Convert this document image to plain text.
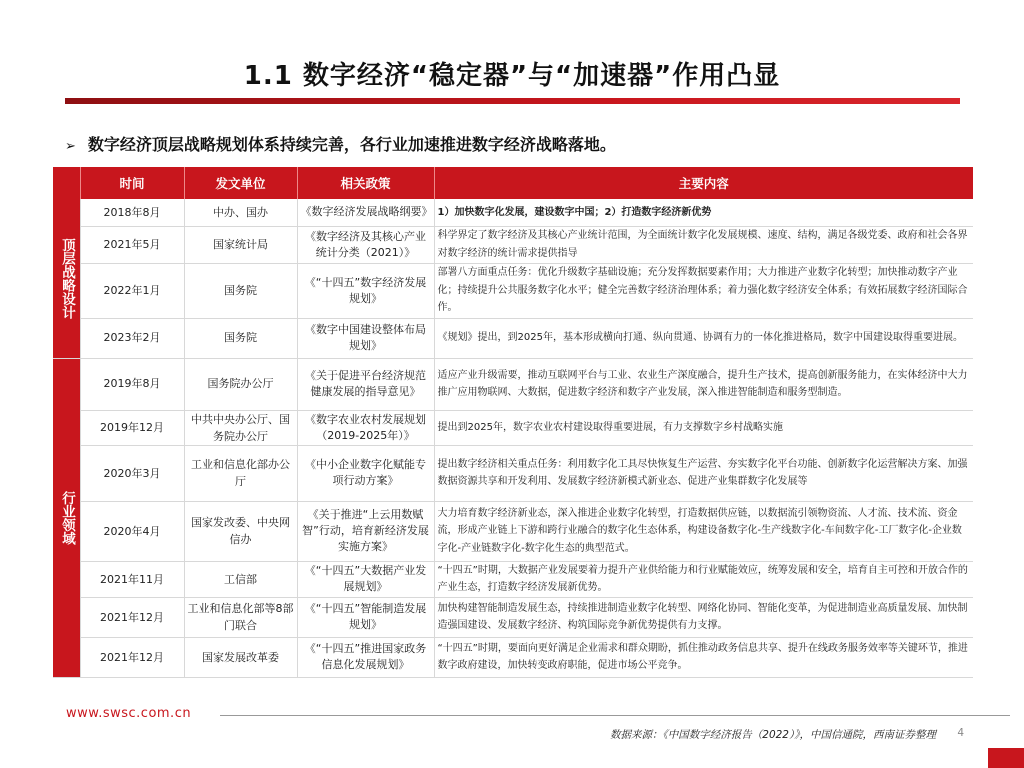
1.1 数字经济“稳定器”与“加速器”作用凸显
➢ 数字经济顶层战略规划体系持续完善，各行业加速推进数字经济战略落地。
	时间	发文单位	相关政策	主要内容
顶层战略设计	2018年8月	中办、国办	《数字经济发展战略纲要》	1）加快数字化发展，建设数字中国；2）打造数字经济新优势
	2021年5月	国家统计局	《数字经济及其核心产业统计分类（2021）》	科学界定了数字经济及其核心产业统计范围，为全面统计数字化发展规模、速度、结构，满足各级党委、政府和社会各界对数字经济的统计需求提供指导
	2022年1月	国务院	《“十四五”数字经济发展规划》	部署八方面重点任务：优化升级数字基础设施；充分发挥数据要素作用；大力推进产业数字化转型；加快推动数字产业化；持续提升公共服务数字化水平；健全完善数字经济治理体系；着力强化数字经济安全体系；有效拓展数字经济国际合作。
	2023年2月	国务院	《数字中国建设整体布局规划》	《规划》提出，到2025年，基本形成横向打通、纵向贯通、协调有力的一体化推进格局，数字中国建设取得重要进展。
行业领域	2019年8月	国务院办公厅	《关于促进平台经济规范健康发展的指导意见》	适应产业升级需要，推动互联网平台与工业、农业生产深度融合，提升生产技术，提高创新服务能力，在实体经济中大力推广应用物联网、大数据，促进数字经济和数字产业发展，深入推进智能制造和服务型制造。
	2019年12月	中共中央办公厅、国务院办公厅	《数字农业农村发展规划（2019-2025年）》	提出到2025年，数字农业农村建设取得重要进展，有力支撑数字乡村战略实施
	2020年3月	工业和信息化部办公厅	《中小企业数字化赋能专项行动方案》	提出数字经济相关重点任务：利用数字化工具尽快恢复生产运营、夯实数字化平台功能、创新数字化运营解决方案、加强数据资源共享和开发利用、发展数字经济新模式新业态、促进产业集群数字化发展等
	2020年4月	国家发改委、中央网信办	《关于推进“上云用数赋智”行动，培育新经济发展实施方案》	大力培育数字经济新业态，深入推进企业数字化转型，打造数据供应链，以数据流引领物资流、人才流、技术流、资金流，形成产业链上下游和跨行业融合的数字化生态体系，构建设备数字化-生产线数字化-车间数字化-工厂数字化-企业数字化-产业链数字化-数字化生态的典型范式。
	2021年11月	工信部	《“十四五”大数据产业发展规划》	“十四五”时期，大数据产业发展要着力提升产业供给能力和行业赋能效应，统筹发展和安全，培育自主可控和开放合作的产业生态，打造数字经济发展新优势。
	2021年12月	工业和信息化部等8部门联合	《“十四五”智能制造发展规划》	加快构建智能制造发展生态，持续推进制造业数字化转型、网络化协同、智能化变革，为促进制造业高质量发展、加快制造强国建设、发展数字经济、构筑国际竞争新优势提供有力支撑。
	2021年12月	国家发展改革委	《“十四五”推进国家政务信息化发展规划》	“十四五”时期，要面向更好满足企业需求和群众期盼，抓住推动政务信息共享、提升在线政务服务效率等关键环节，推进数字政府建设，加快转变政府职能，促进市场公平竞争。
www.swsc.com.cn
数据来源：《中国数字经济报告（2022）》，中国信通院，西南证券整理 4
